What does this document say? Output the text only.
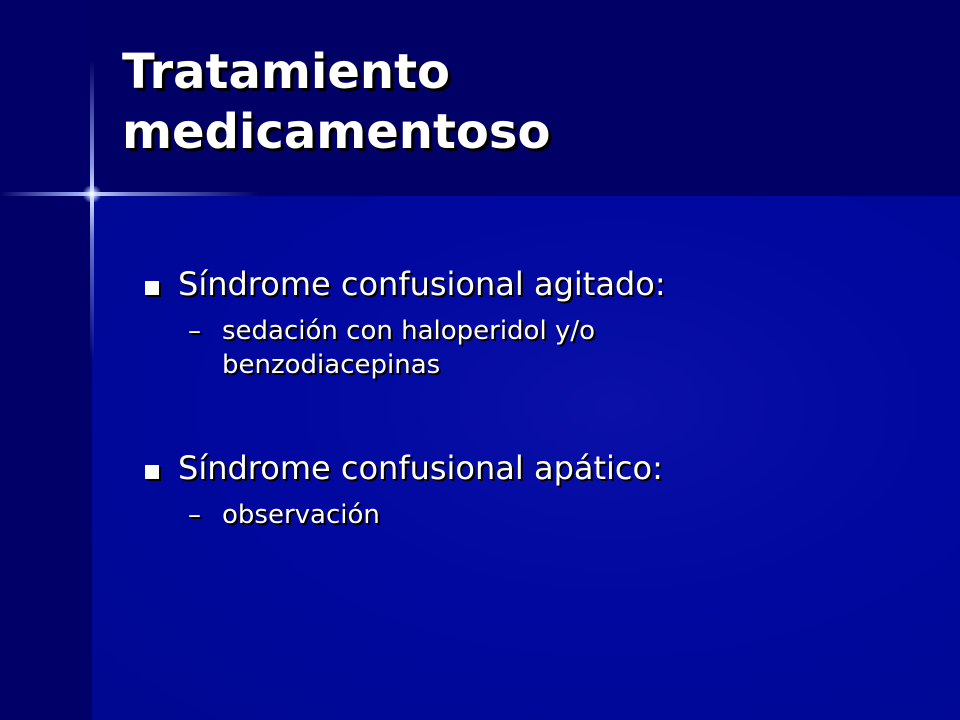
Tratamiento
medicamentoso
Síndrome confusional agitado:
– sedación con haloperidol y/o benzodiacepinas
Síndrome confusional apático:
– observación
